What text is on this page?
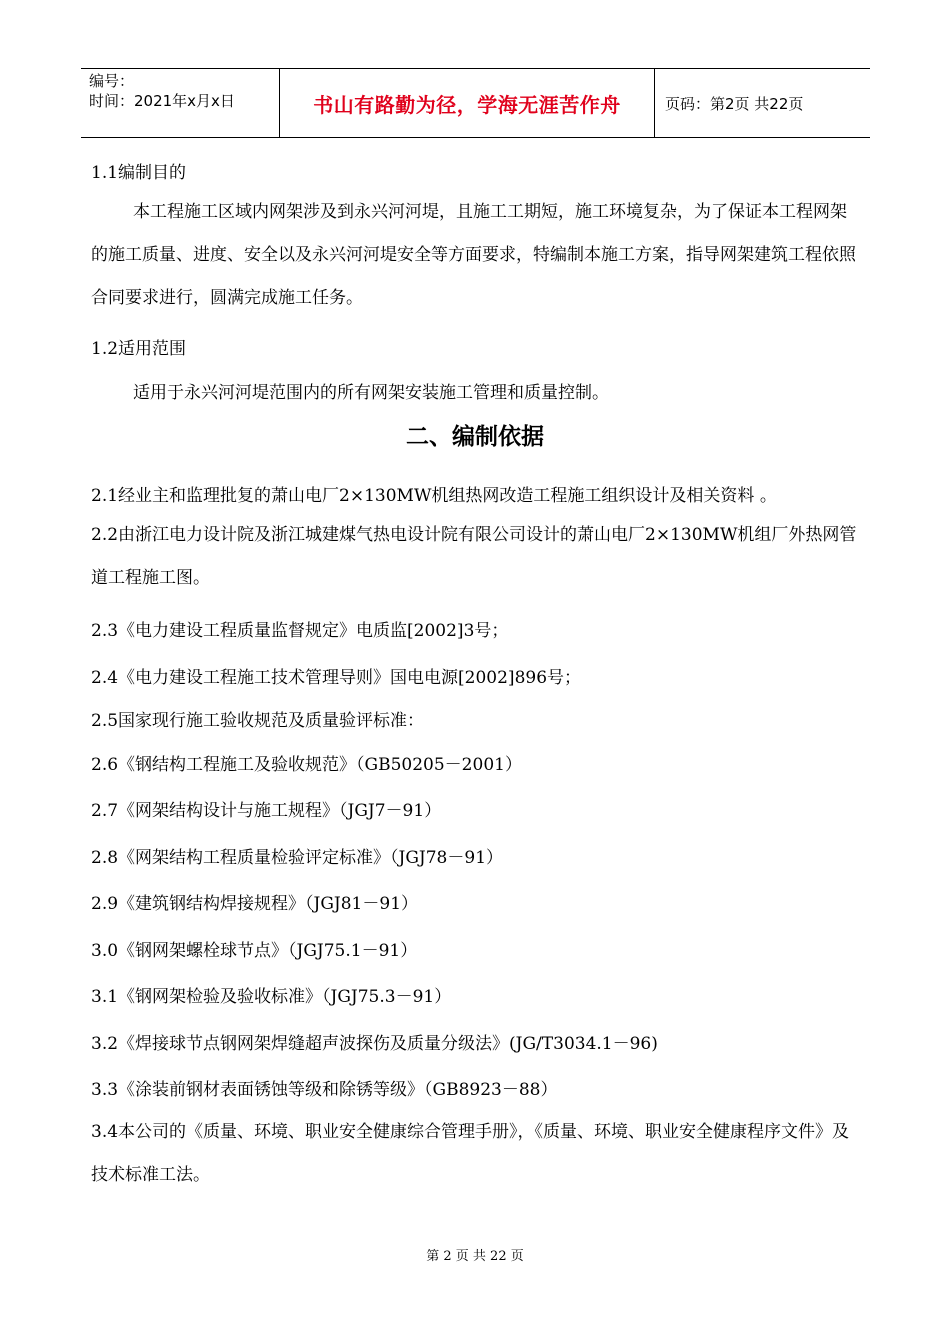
编号：
时间：2021年x月x日	书山有路勤为径，学海无涯苦作舟	页码：第2页 共22页
1.1编制目的
本工程施工区域内网架涉及到永兴河河堤，且施工工期短，施工环境复杂，为了保证本工程网架的施工质量、进度、安全以及永兴河河堤安全等方面要求，特编制本施工方案，指导网架建筑工程依照合同要求进行，圆满完成施工任务。
1.2适用范围
适用于永兴河河堤范围内的所有网架安装施工管理和质量控制。
二、编制依据
2.1经业主和监理批复的萧山电厂2×130MW机组热网改造工程施工组织设计及相关资料 。
2.2由浙江电力设计院及浙江城建煤气热电设计院有限公司设计的萧山电厂2×130MW机组厂外热网管道工程施工图。
2.3《电力建设工程质量监督规定》电质监[2002]3号；
2.4《电力建设工程施工技术管理导则》国电电源[2002]896号；
2.5国家现行施工验收规范及质量验评标准：
2.6《钢结构工程施工及验收规范》（GB50205－2001）
2.7《网架结构设计与施工规程》（JGJ7－91）
2.8《网架结构工程质量检验评定标准》（JGJ78－91）
2.9《建筑钢结构焊接规程》（JGJ81－91）
3.0《钢网架螺栓球节点》（JGJ75.1－91）
3.1《钢网架检验及验收标准》（JGJ75.3－91）
3.2《焊接球节点钢网架焊缝超声波探伤及质量分级法》(JG/T3034.1－96)
3.3《涂装前钢材表面锈蚀等级和除锈等级》（GB8923－88）
3.4本公司的《质量、环境、职业安全健康综合管理手册》，《质量、环境、职业安全健康程序文件》及技术标准工法。
第 2 页 共 22 页
